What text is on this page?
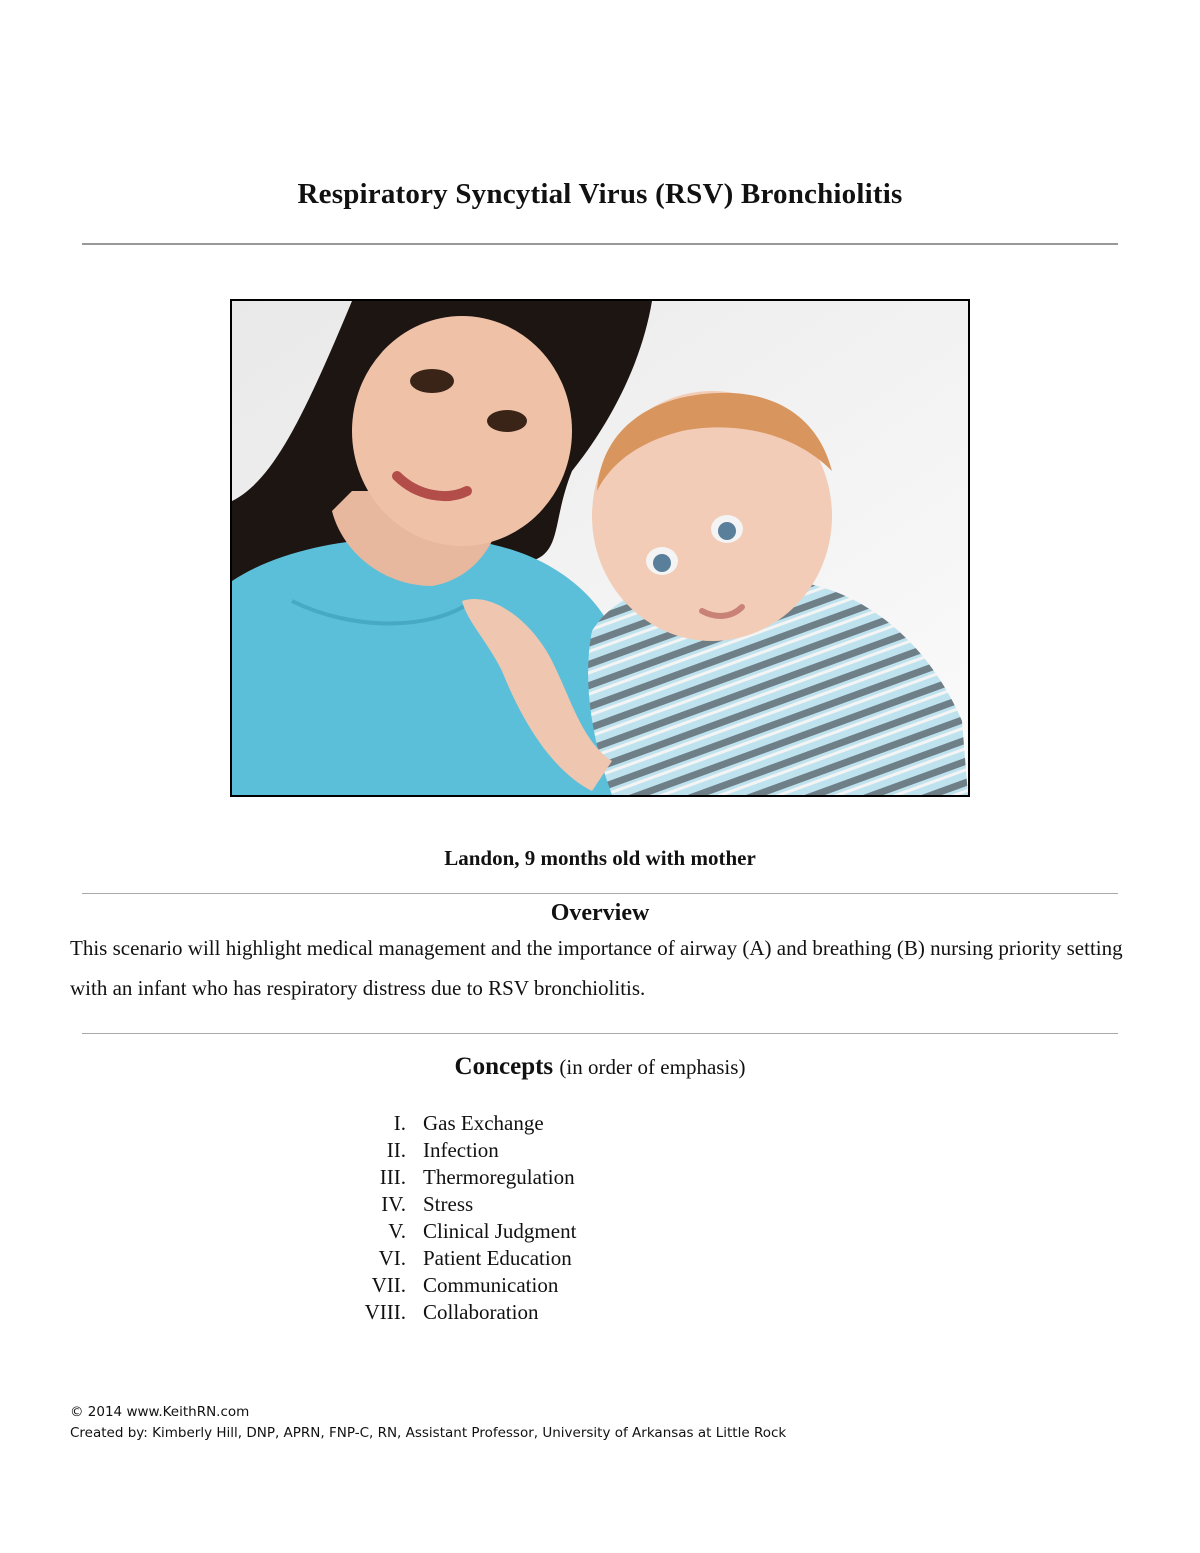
Respiratory Syncytial Virus (RSV) Bronchiolitis
Landon, 9 months old with mother
Overview
This scenario will highlight medical management and the importance of airway (A) and breathing (B) nursing priority setting with an infant who has respiratory distress due to RSV bronchiolitis.
Concepts (in order of emphasis)
I. Gas Exchange
II. Infection
III. Thermoregulation
IV. Stress
V. Clinical Judgment
VI. Patient Education
VII. Communication
VIII. Collaboration
© 2014 www.KeithRN.com
Created by: Kimberly Hill, DNP, APRN, FNP-C, RN, Assistant Professor, University of Arkansas at Little Rock
